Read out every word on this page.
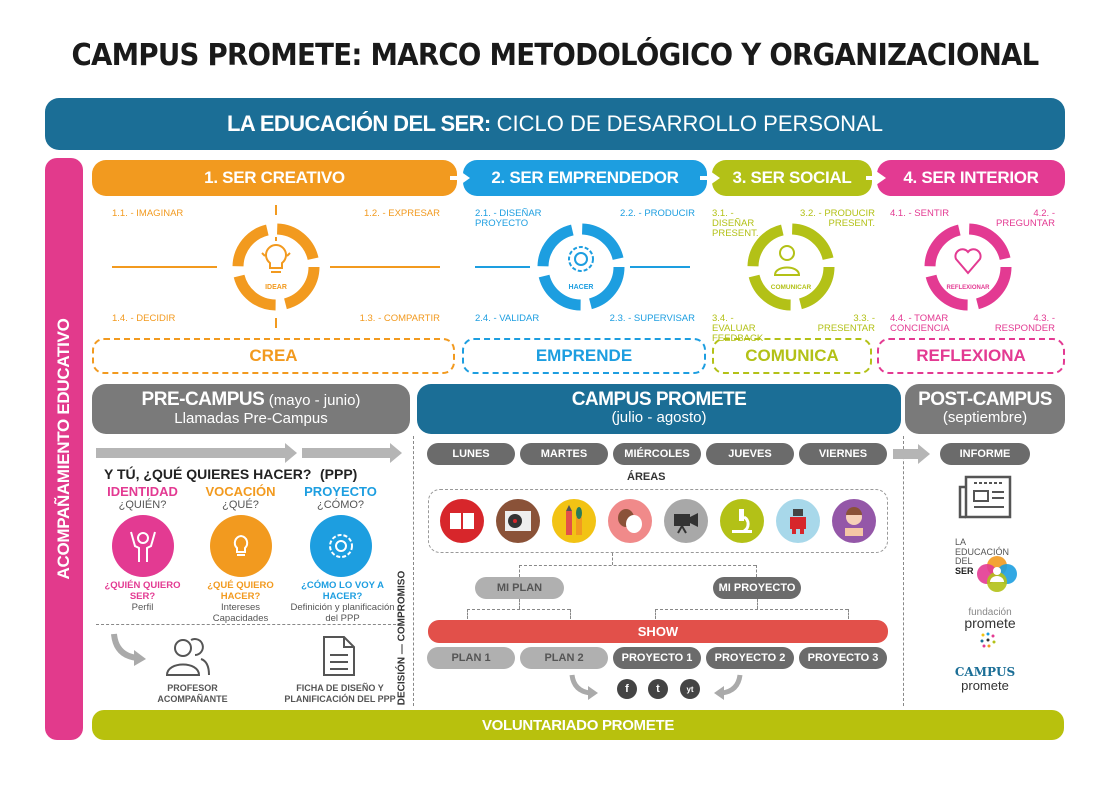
CAMPUS PROMETE: MARCO METODOLÓGICO Y ORGANIZACIONAL
LA EDUCACIÓN DEL SER: CICLO DE DESARROLLO PERSONAL
ACOMPAÑAMIENTO EDUCATIVO
1. SER CREATIVO	2. SER EMPRENDEDOR	3. SER SOCIAL	4. SER INTERIOR
1.1. - IMAGINAR	1.2. - EXPRESAR
1.4. - DECIDIR	1.3. - COMPARTIR
IDEAR
CREA
2.1. - DISEÑAR PROYECTO
2.2. - PRODUCIR
2.4. - VALIDAR	2.3. - SUPERVISAR
HACER
EMPRENDE
3.1. - DISEÑAR PRESENT.
3.2. - PRODUCIR PRESENT.
3.4. - EVALUAR FEEDBACK
3.3. - PRESENTAR
COMUNICAR
COMUNICA
4.1. - SENTIR	4.2. - PREGUNTAR
4.4. - TOMAR CONCIENCIA
4.3. - RESPONDER
REFLEXIONAR
REFLEXIONA
PRE-CAMPUS (mayo - junio)
Llamadas Pre-Campus
Y TÚ, ¿QUÉ QUIERES HACER? (PPP)
IDENTIDAD
¿QUIÉN?
¿QUIÉN QUIERO SER?
Perfil
VOCACIÓN
¿QUÉ?
¿QUÉ QUIERO HACER?
Intereses Capacidades
PROYECTO
¿CÓMO?
¿CÓMO LO VOY A HACER?
Definición y planificación del PPP	DECISIÓN — COMPROMISO
PROFESOR ACOMPAÑANTE
FICHA DE DISEÑO Y PLANIFICACIÓN DEL PPP
CAMPUS PROMETE
(julio - agosto)
LUNES	MARTES	MIÉRCOLES	JUEVES	VIERNES
ÁREAS
MI PLAN	MI PROYECTO
SHOW
PLAN 1	PLAN 2	PROYECTO 1	PROYECTO 2	PROYECTO 3
f	t	yt
POST-CAMPUS
(septiembre)
INFORME
LA
EDUCACIÓN
DEL
SER
fundación
promete
CAMPUS
promete
VOLUNTARIADO PROMETE
